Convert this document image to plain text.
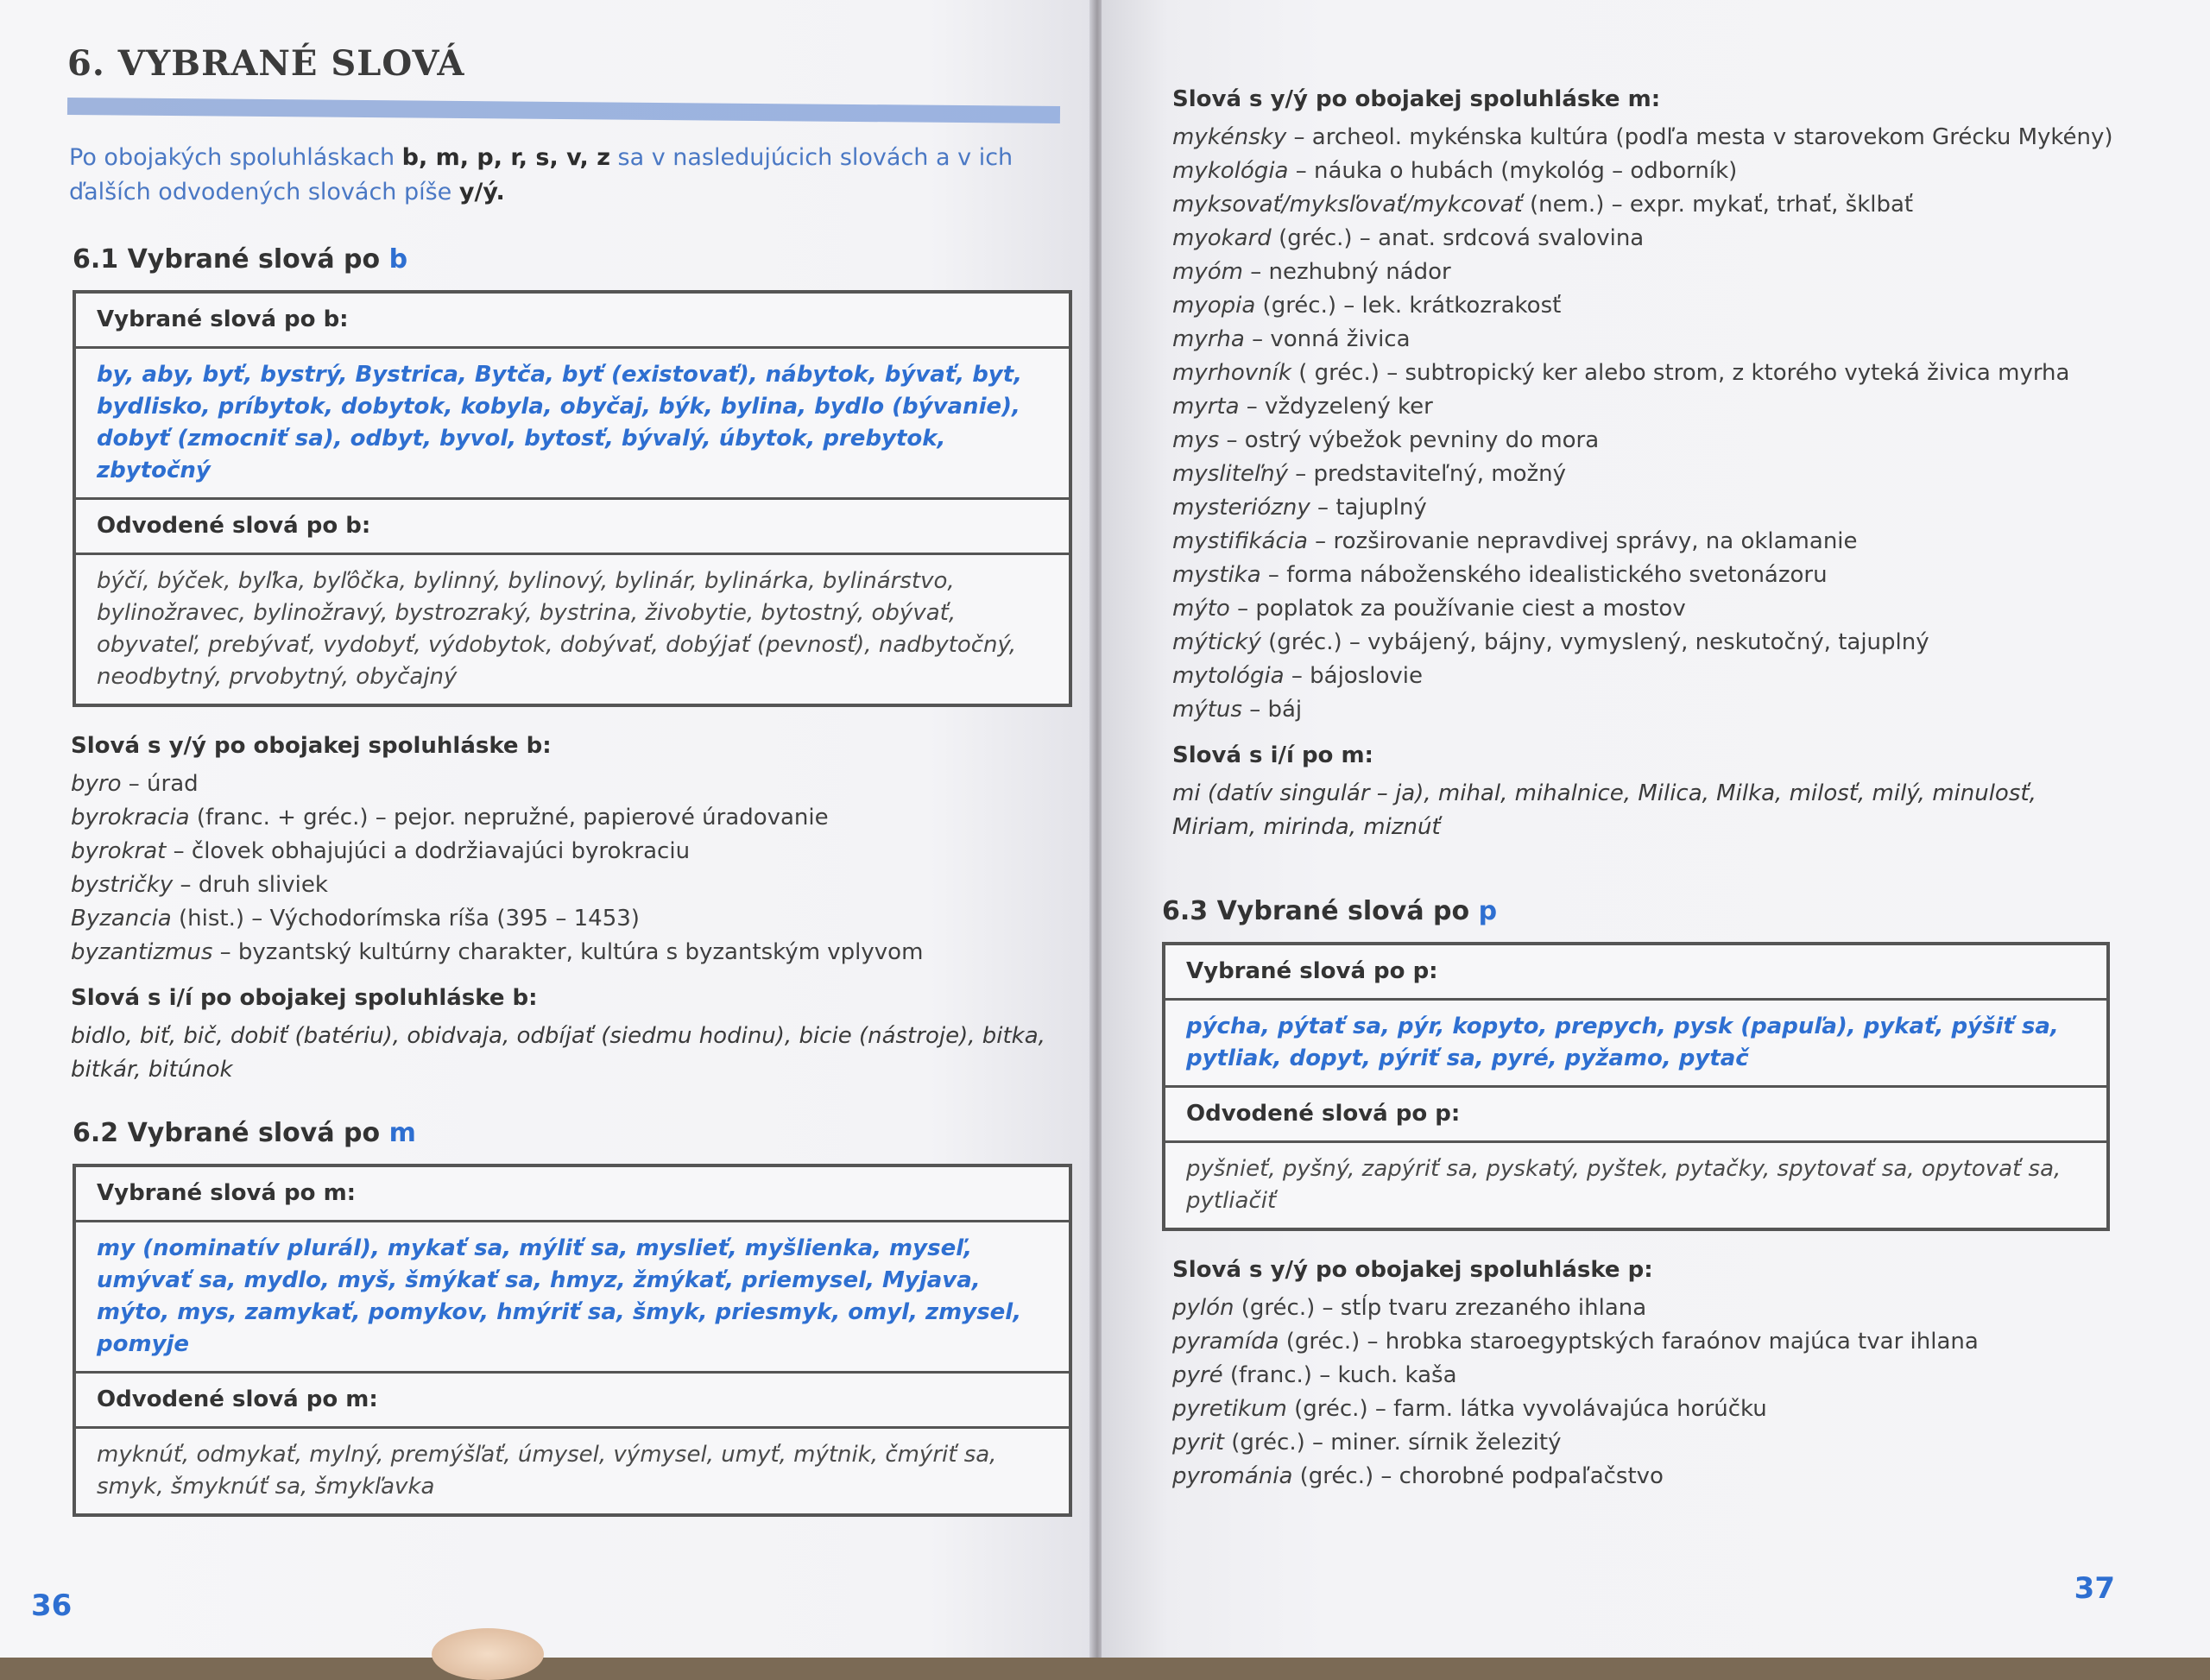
6. VYBRANÉ SLOVÁ
Po obojakých spoluhláskach b, m, p, r, s, v, z sa v nasledujúcich slovách a v ich ďalších odvodených slovách píše y/ý.
6.1 Vybrané slová po b
Vybrané slová po b:
by, aby, byť, bystrý, Bystrica, Bytča, byť (existovať), nábytok, bývať, byt, bydlisko, príbytok, dobytok, kobyla, obyčaj, býk, bylina, bydlo (bývanie), dobyť (zmocniť sa), odbyt, byvol, bytosť, bývalý, úbytok, prebytok, zbytočný
Odvodené slová po b:
býčí, býček, byľka, byľôčka, bylinný, bylinový, bylinár, bylinárka, bylinárstvo, bylinožravec, bylinožravý, bystrozraký, bystrina, živobytie, bytostný, obývať, obyvateľ, prebývať, vydobyť, výdobytok, dobývať, dobýjať (pevnosť), nadbytočný, neodbytný, prvobytný, obyčajný
Slová s y/ý po obojakej spoluhláske b:
byro – úrad
byrokracia (franc. + gréc.) – pejor. nepružné, papierové úradovanie
byrokrat – človek obhajujúci a dodržiavajúci byrokraciu
bystričky – druh sliviek
Byzancia (hist.) – Východorímska ríša (395 – 1453)
byzantizmus – byzantský kultúrny charakter, kultúra s byzantským vplyvom
Slová s i/í po obojakej spoluhláske b:
bidlo, biť, bič, dobiť (batériu), obidvaja, odbíjať (siedmu hodinu), bicie (nástroje), bitka, bitkár, bitúnok
6.2 Vybrané slová po m
Vybrané slová po m:
my (nominatív plurál), mykať sa, mýliť sa, myslieť, myšlienka, myseľ, umývať sa, mydlo, myš, šmýkať sa, hmyz, žmýkať, priemysel, Myjava, mýto, mys, zamykať, pomykov, hmýriť sa, šmyk, priesmyk, omyl, zmysel, pomyje
Odvodené slová po m:
myknúť, odmykať, mylný, premýšľať, úmysel, výmysel, umyť, mýtnik, čmýriť sa, smyk, šmyknúť sa, šmykľavka
36
Slová s y/ý po obojakej spoluhláske m:
mykénsky – archeol. mykénska kultúra (podľa mesta v starovekom Grécku Mykény)
mykológia – náuka o hubách (mykológ – odborník)
myksovať/myksľovať/mykcovať (nem.) – expr. mykať, trhať, šklbať
myokard (gréc.) – anat. srdcová svalovina
myóm – nezhubný nádor
myopia (gréc.) – lek. krátkozrakosť
myrha – vonná živica
myrhovník ( gréc.) – subtropický ker alebo strom, z ktorého vyteká živica myrha
myrta – vždyzelený ker
mys – ostrý výbežok pevniny do mora
mysliteľný – predstaviteľný, možný
mysteriózny – tajuplný
mystifikácia – rozširovanie nepravdivej správy, na oklamanie
mystika – forma náboženského idealistického svetonázoru
mýto – poplatok za používanie ciest a mostov
mýtický (gréc.) – vybájený, bájny, vymyslený, neskutočný, tajuplný
mytológia – bájoslovie
mýtus – báj
Slová s i/í po m:
mi (datív singulár – ja), mihal, mihalnice, Milica, Milka, milosť, milý, minulosť, Miriam, mirinda, miznúť
6.3 Vybrané slová po p
Vybrané slová po p:
pýcha, pýtať sa, pýr, kopyto, prepych, pysk (papuľa), pykať, pýšiť sa, pytliak, dopyt, pýriť sa, pyré, pyžamo, pytač
Odvodené slová po p:
pyšnieť, pyšný, zapýriť sa, pyskatý, pyštek, pytačky, spytovať sa, opytovať sa, pytliačiť
Slová s y/ý po obojakej spoluhláske p:
pylón (gréc.) – stĺp tvaru zrezaného ihlana
pyramída (gréc.) – hrobka staroegyptských faraónov majúca tvar ihlana
pyré (franc.) – kuch. kaša
pyretikum (gréc.) – farm. látka vyvolávajúca horúčku
pyrit (gréc.) – miner. sírnik železitý
pyrománia (gréc.) – chorobné podpaľačstvo
37
